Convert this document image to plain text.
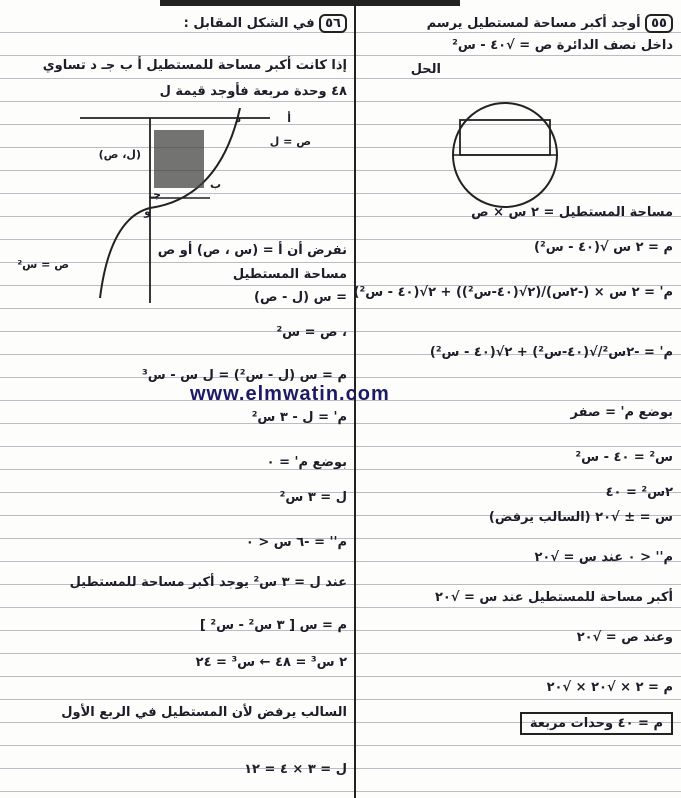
٥٥ أوجد أكبر مساحة لمستطيل يرسم
داخل نصف الدائرة ص = √٤٠ - س²
الحل
مساحة المستطيل = ٢ س × ص
م = ٢ س √(٤٠ - س²)
م' = ٢ س × (-٢س)/(٢√(٤٠-س²)) + ٢√(٤٠ - س²)
م' = -٢س²/√(٤٠-س²) + ٢√(٤٠ - س²)
بوضع م' = صفر
س² = ٤٠ - س²
٢س² = ٤٠
س = ± √٢٠ (السالب يرفض)
م'' < ٠ عند س = √٢٠
أكبر مساحة للمستطيل عند س = √٢٠
وعند ص = √٢٠
م = ٢ × √٢٠ × √٢٠
م = ٤٠ وحدات مربعة
٥٦ في الشكل المقابل :
إذا كانت أكبر مساحة للمستطيل أ ب جـ د تساوي
٤٨ وحدة مربعة فأوجد قيمة ل
د	أ
ص = ل
(ل، ص)
ب
جـ
و
ص = س²
نفرض أن أ = (س ، ص) أو ص
مساحة المستطيل
= س (ل - ص)
، ص = س²
م = س (ل - س²) = ل س - س³
م' = ل - ٣ س²
بوضع م' = ٠
ل = ٣ س²
م'' = -٦ س < ٠
عند ل = ٣ س² يوجد أكبر مساحة للمستطيل
م = س [ ٣ س² - س² ]
٢ س³ = ٤٨ ← س³ = ٢٤
السالب يرفض لأن المستطيل في الربع الأول
ل = ٣ × ٤ = ١٢
www.elmwatin.com
